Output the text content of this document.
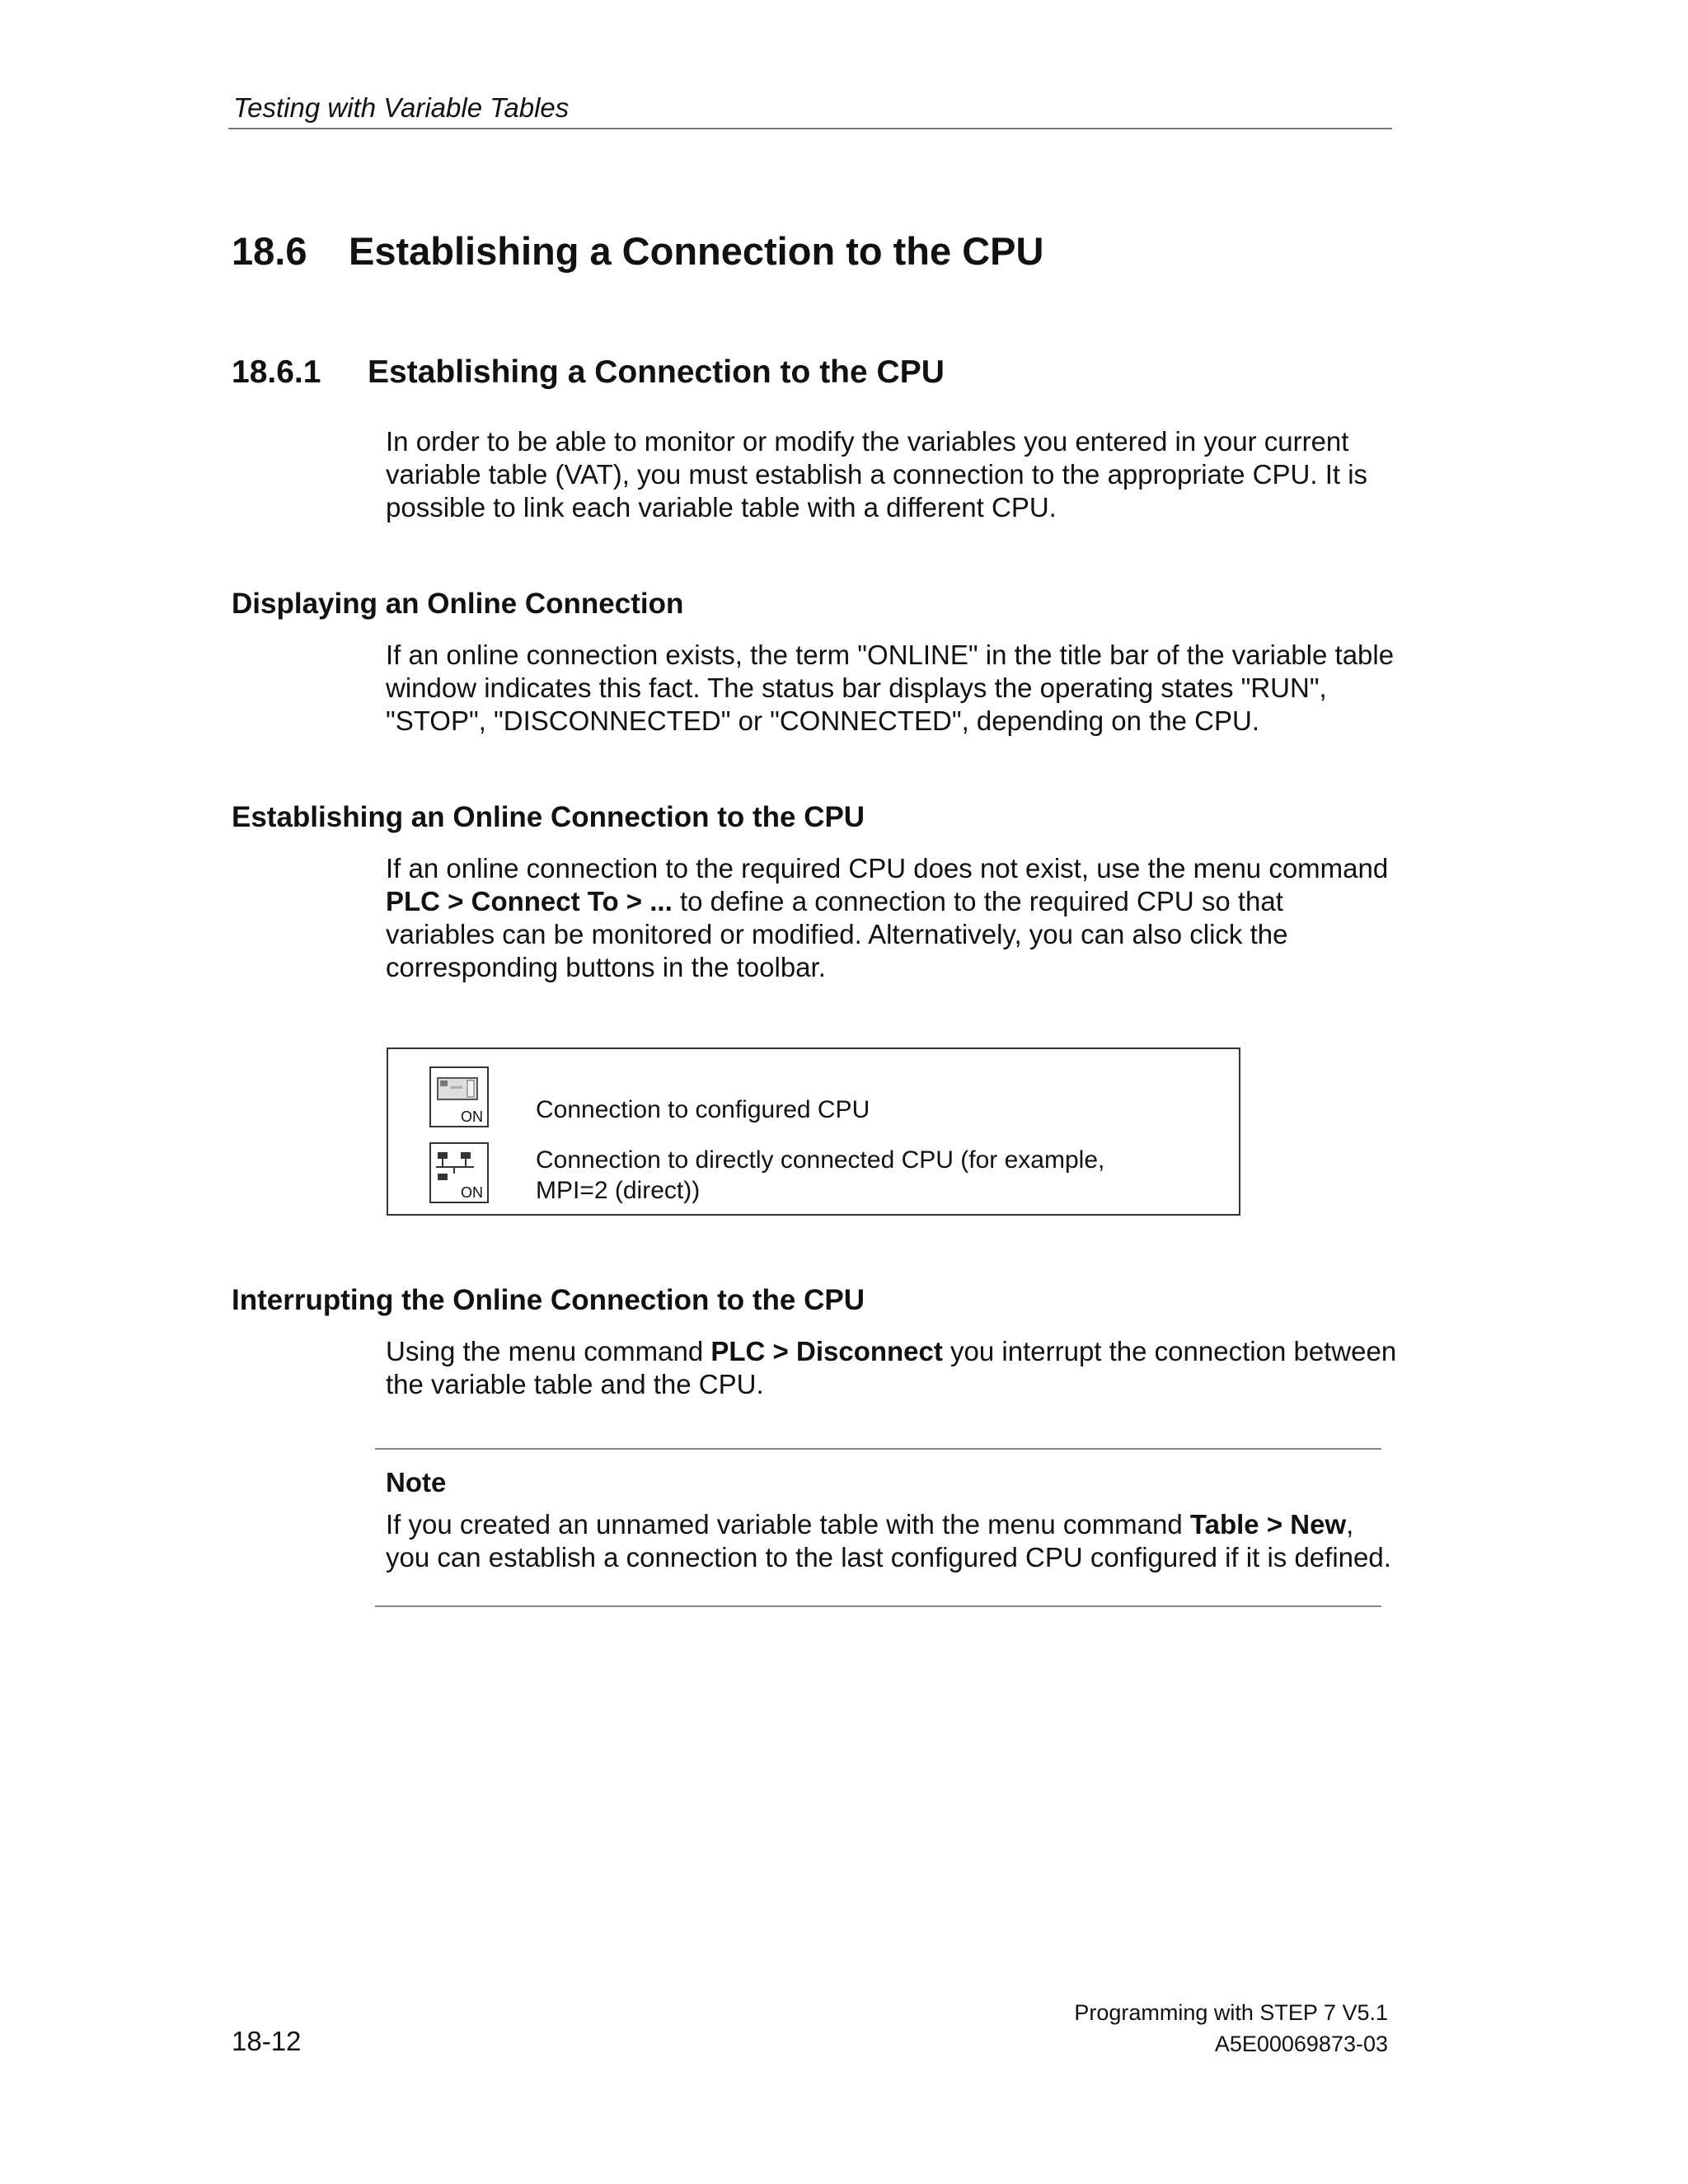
Testing with Variable Tables
18.6 Establishing a Connection to the CPU
18.6.1 Establishing a Connection to the CPU
In order to be able to monitor or modify the variables you entered in your current variable table (VAT), you must establish a connection to the appropriate CPU. It is possible to link each variable table with a different CPU.
Displaying an Online Connection
If an online connection exists, the term "ONLINE" in the title bar of the variable table window indicates this fact. The status bar displays the operating states "RUN", "STOP", "DISCONNECTED" or "CONNECTED", depending on the CPU.
Establishing an Online Connection to the CPU
If an online connection to the required CPU does not exist, use the menu command PLC > Connect To > ... to define a connection to the required CPU so that variables can be monitored or modified. Alternatively, you can also click the corresponding buttons in the toolbar.
ON Connection to configured CPU
ON
Connection to directly connected CPU (for example,
MPI=2 (direct))
Interrupting the Online Connection to the CPU
Using the menu command PLC > Disconnect you interrupt the connection between the variable table and the CPU.
Note
If you created an unnamed variable table with the menu command Table > New, you can establish a connection to the last configured CPU configured if it is defined.
Programming with STEP 7 V5.1
18-12	A5E00069873-03
